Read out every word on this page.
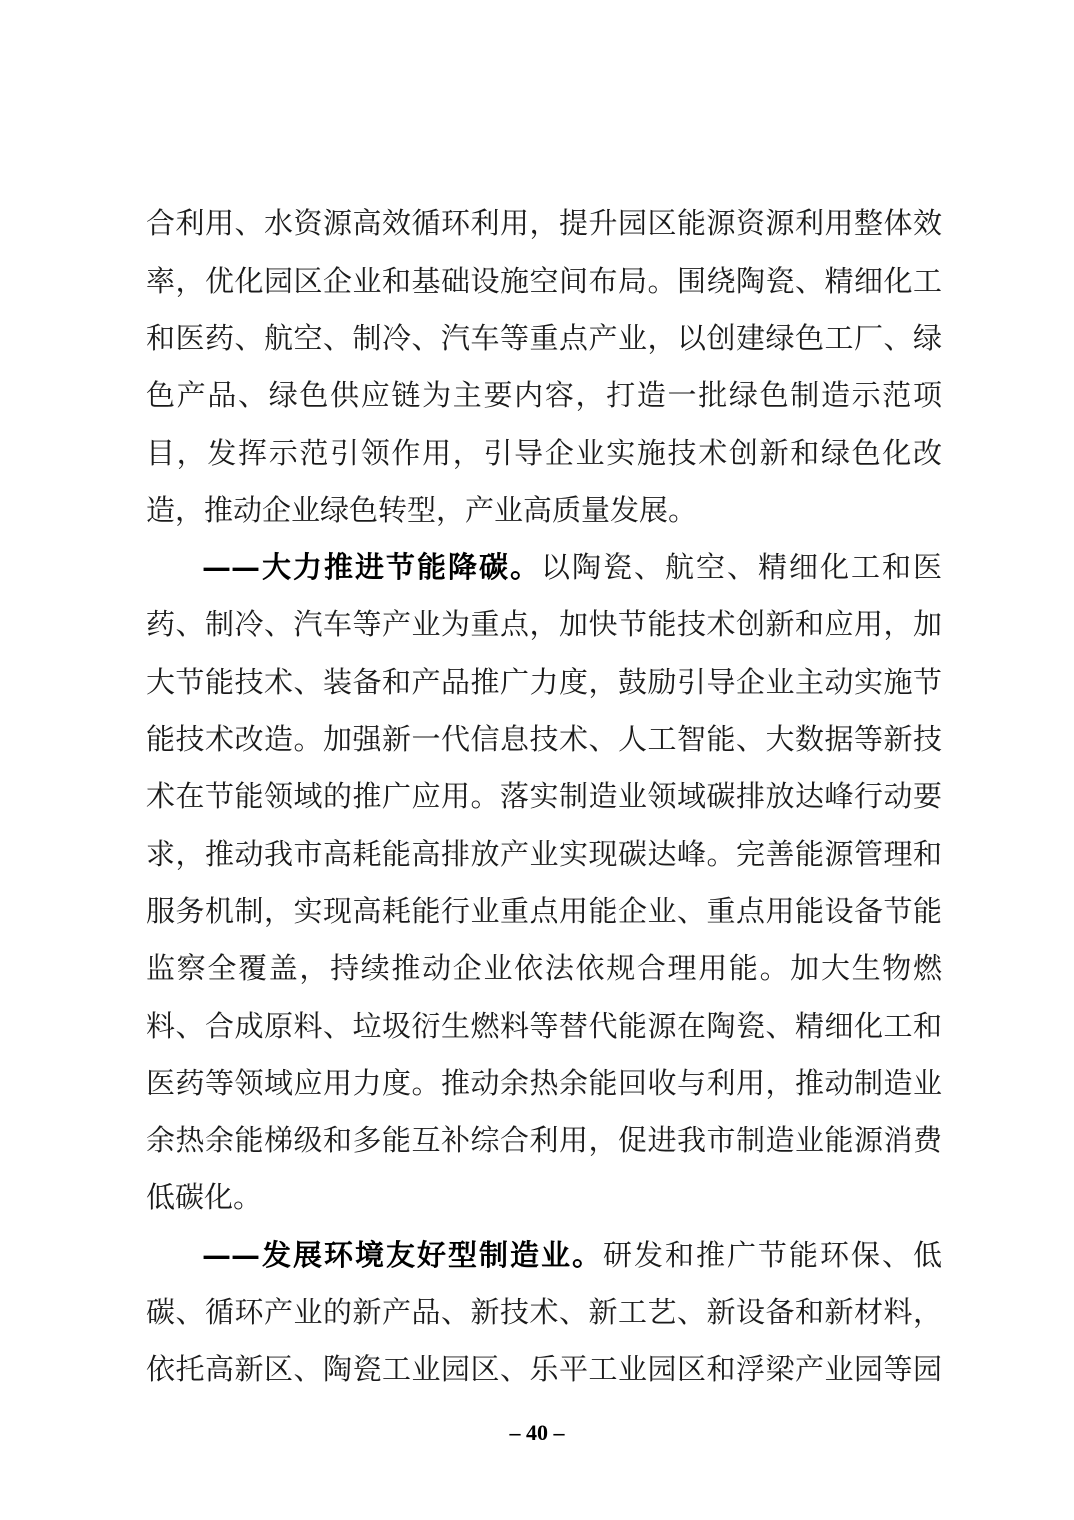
合利用、水资源高效循环利用，提升园区能源资源利用整体效
率，优化园区企业和基础设施空间布局。围绕陶瓷、精细化工
和医药、航空、制冷、汽车等重点产业，以创建绿色工厂、绿
色产品、绿色供应链为主要内容，打造一批绿色制造示范项
目，发挥示范引领作用，引导企业实施技术创新和绿色化改
造，推动企业绿色转型，产业高质量发展。
——大力推进节能降碳。以陶瓷、航空、精细化工和医
药、制冷、汽车等产业为重点，加快节能技术创新和应用，加
大节能技术、装备和产品推广力度，鼓励引导企业主动实施节
能技术改造。加强新一代信息技术、人工智能、大数据等新技
术在节能领域的推广应用。落实制造业领域碳排放达峰行动要
求，推动我市高耗能高排放产业实现碳达峰。完善能源管理和
服务机制，实现高耗能行业重点用能企业、重点用能设备节能
监察全覆盖，持续推动企业依法依规合理用能。加大生物燃
料、合成原料、垃圾衍生燃料等替代能源在陶瓷、精细化工和
医药等领域应用力度。推动余热余能回收与利用，推动制造业
余热余能梯级和多能互补综合利用，促进我市制造业能源消费
低碳化。
——发展环境友好型制造业。研发和推广节能环保、低
碳、循环产业的新产品、新技术、新工艺、新设备和新材料，
依托高新区、陶瓷工业园区、乐平工业园区和浮梁产业园等园
– 40 –
